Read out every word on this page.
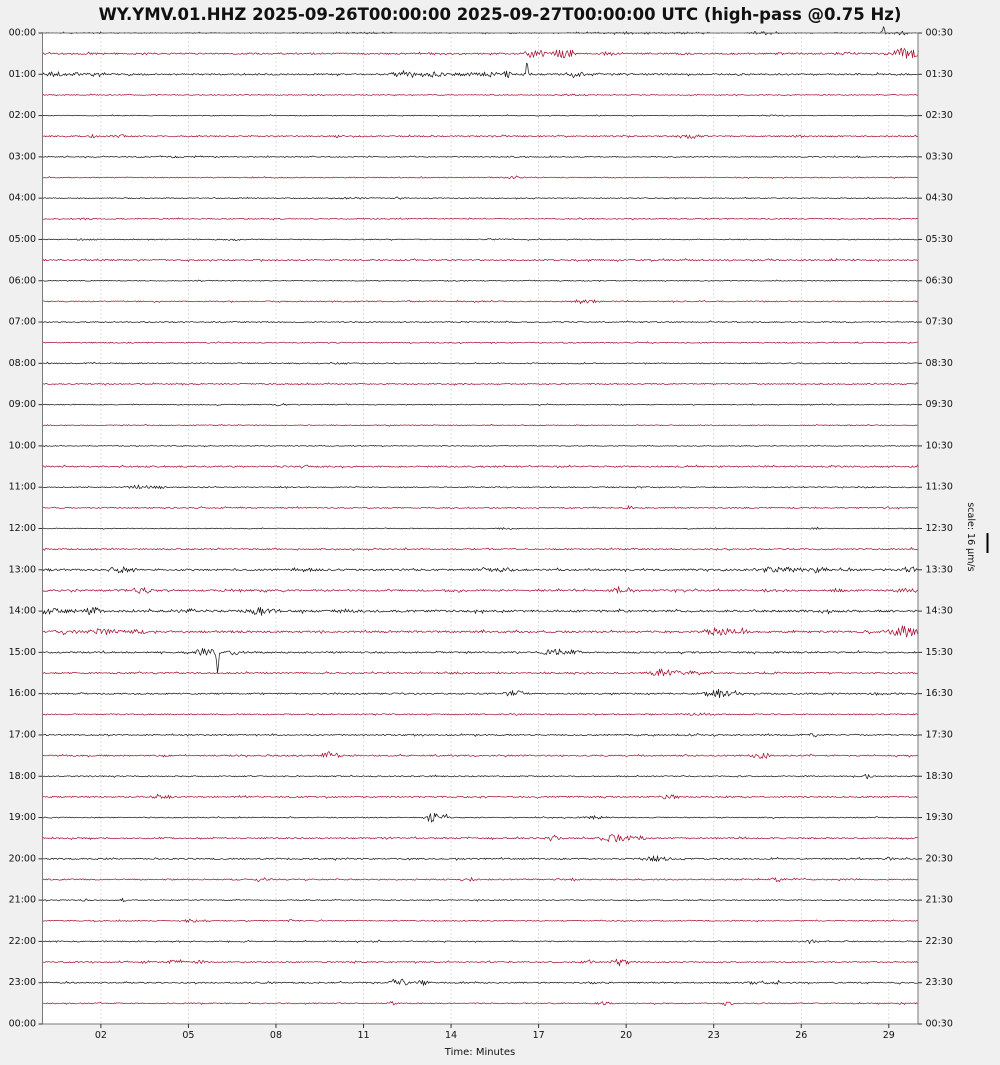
00:00	00:30
01:00	01:30
02:00	02:30
03:00	03:30
04:00	04:30
05:00	05:30
06:00	06:30
07:00	07:30
08:00	08:30
09:00	09:30
10:00	10:30
11:00	11:30
12:00	12:30
13:00	13:30
14:00	14:30
15:00	15:30
16:00	16:30
17:00	17:30
18:00	18:30
19:00	19:30
20:00	20:30
21:00	21:30
22:00	22:30
23:00	23:30
00:00	00:30
02	05	08	11	14	17	20	23	26	29
WY.YMV.01.HHZ 2025-09-26T00:00:00 2025-09-27T00:00:00 UTC (high-pass @0.75 Hz)
Time: Minutes
scale: 16 μm/s
